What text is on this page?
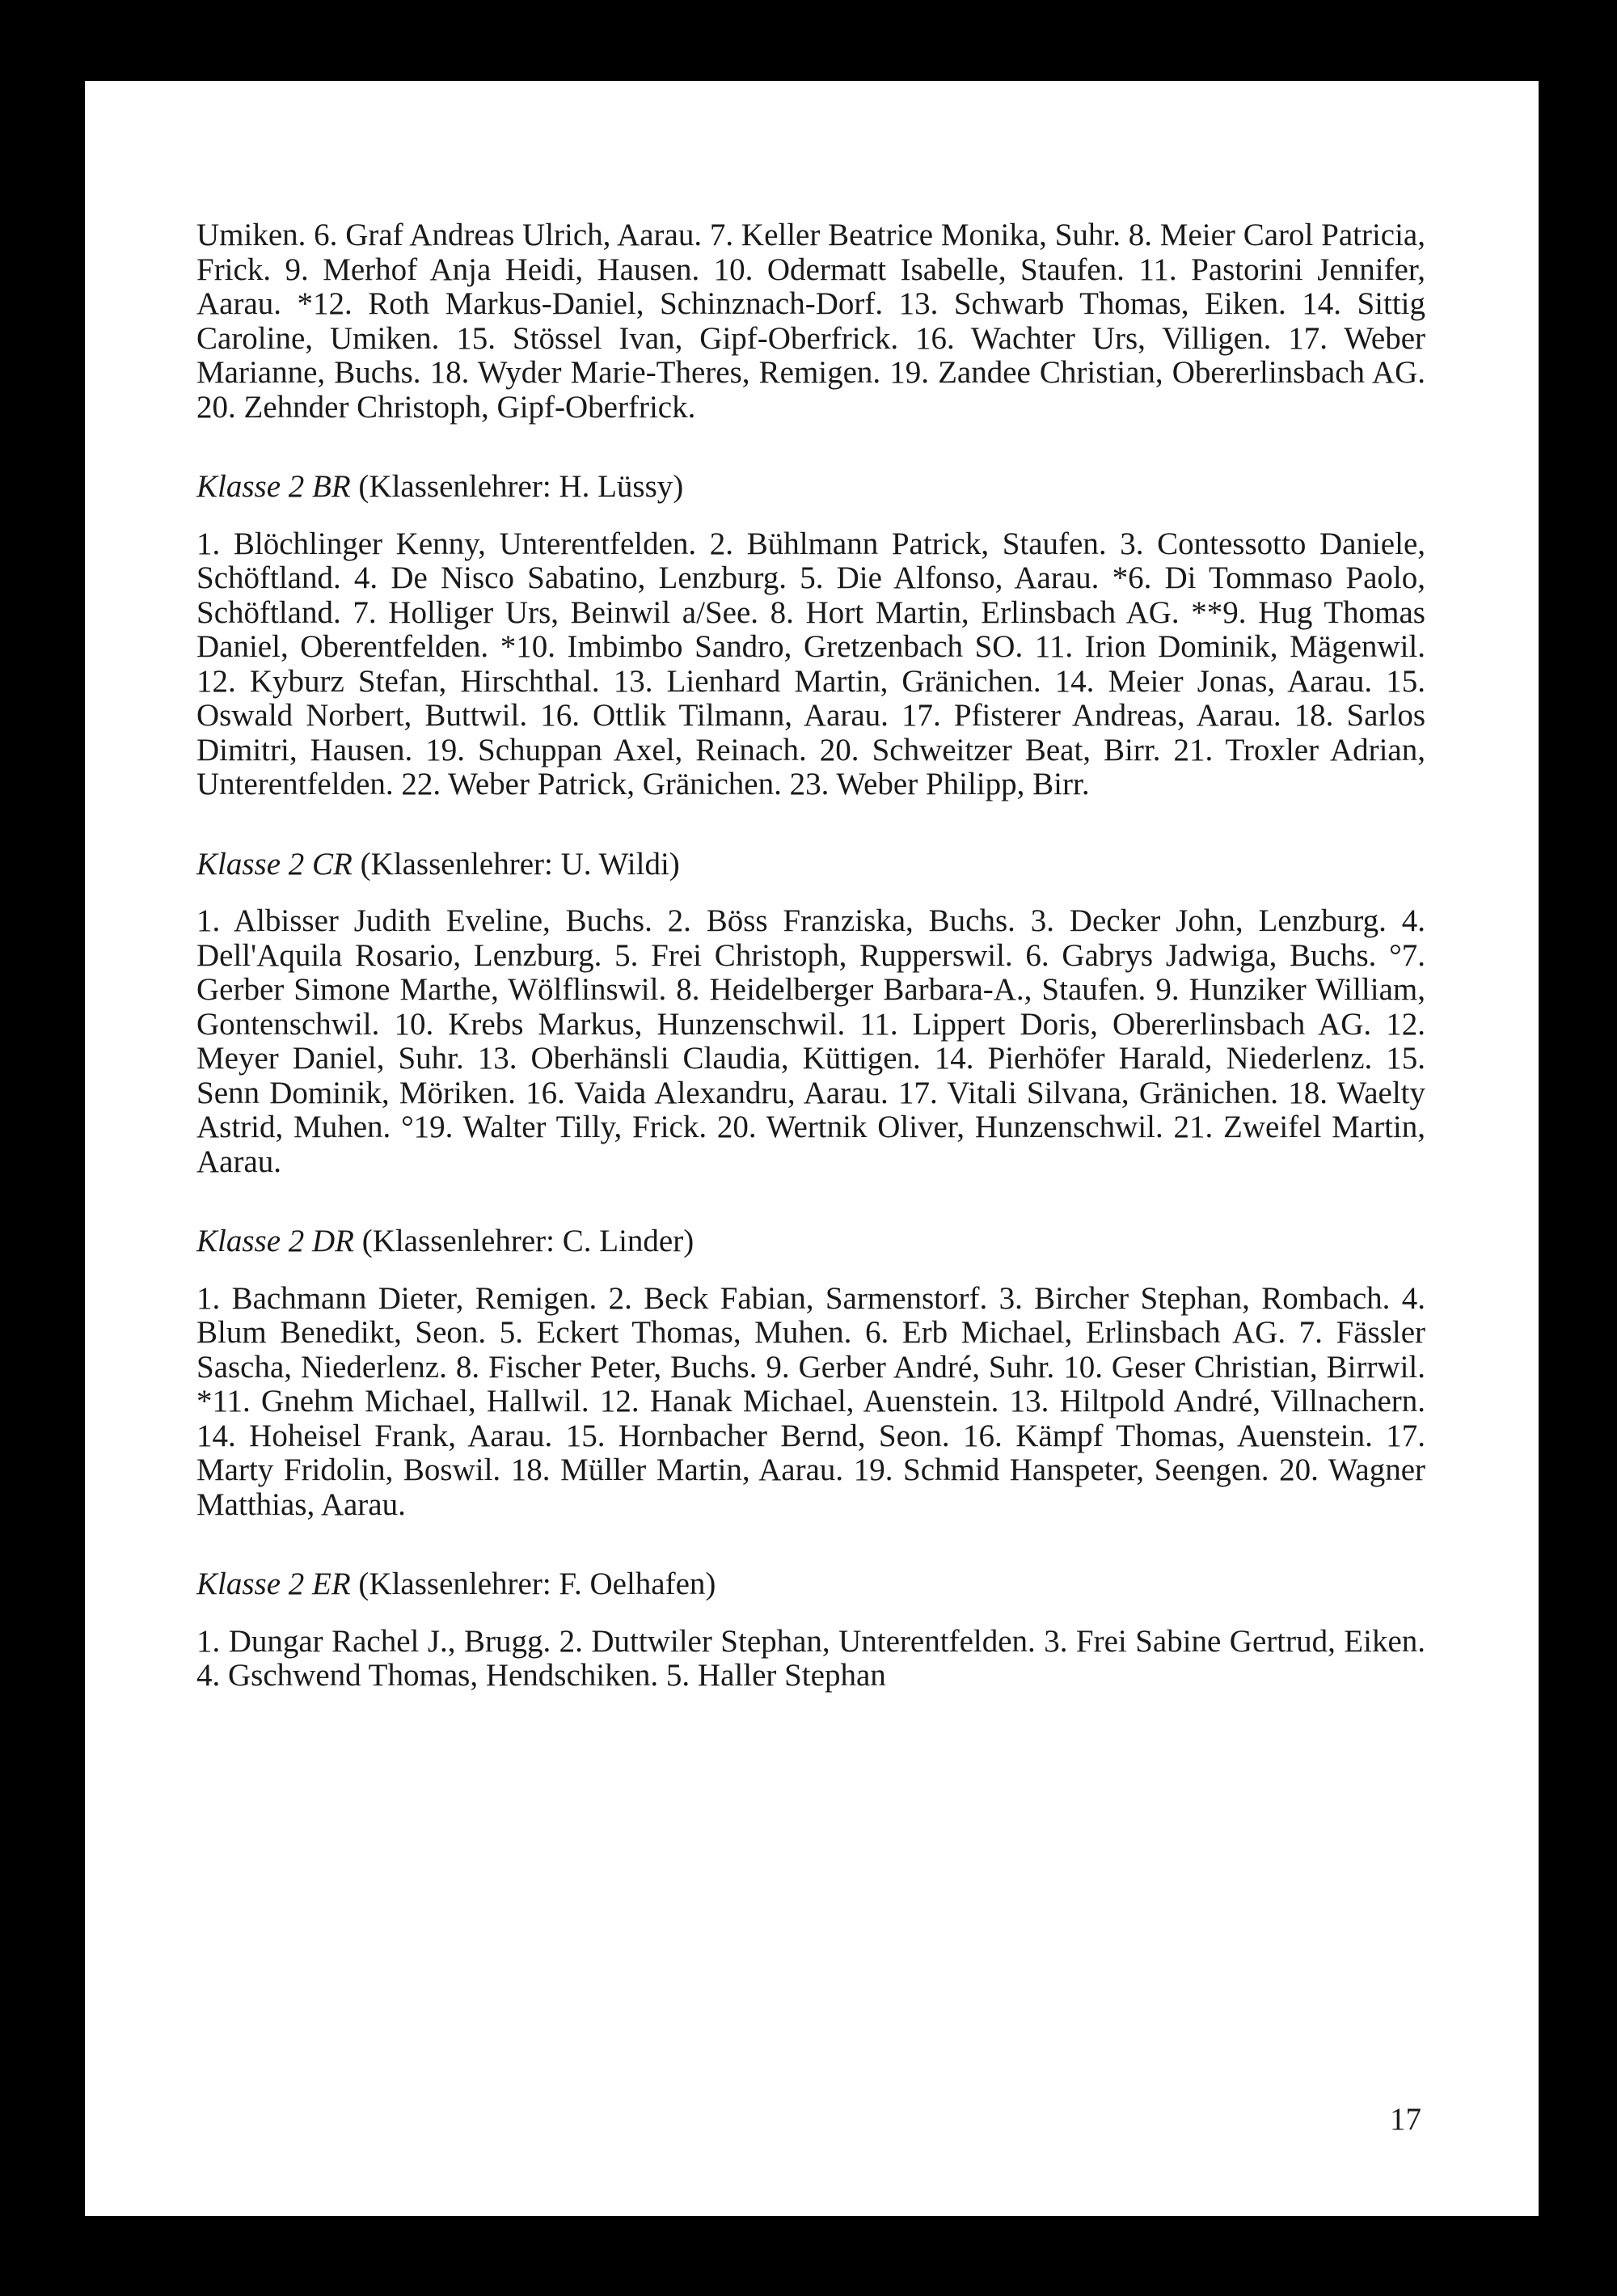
Umiken. 6. Graf Andreas Ulrich, Aarau. 7. Keller Beatrice Monika, Suhr. 8. Meier Carol Patricia, Frick. 9. Merhof Anja Heidi, Hausen. 10. Odermatt Isabelle, Staufen. 11. Pastorini Jennifer, Aarau. *12. Roth Markus-Daniel, Schinznach-Dorf. 13. Schwarb Thomas, Eiken. 14. Sittig Caroline, Umiken. 15. Stössel Ivan, Gipf-Oberfrick. 16. Wachter Urs, Villigen. 17. Weber Marianne, Buchs. 18. Wyder Marie-Theres, Remigen. 19. Zandee Christian, Obererlinsbach AG. 20. Zehnder Christoph, Gipf-Oberfrick.

Klasse 2 BR (Klassenlehrer: H. Lüssy)

1. Blöchlinger Kenny, Unterentfelden. 2. Bühlmann Patrick, Staufen. 3. Contessotto Daniele, Schöftland. 4. De Nisco Sabatino, Lenzburg. 5. Die Alfonso, Aarau. *6. Di Tommaso Paolo, Schöftland. 7. Holliger Urs, Beinwil a/See. 8. Hort Martin, Erlinsbach AG. **9. Hug Thomas Daniel, Oberentfelden. *10. Imbimbo Sandro, Gretzenbach SO. 11. Irion Dominik, Mägenwil. 12. Kyburz Stefan, Hirschthal. 13. Lienhard Martin, Gränichen. 14. Meier Jonas, Aarau. 15. Oswald Norbert, Buttwil. 16. Ottlik Tilmann, Aarau. 17. Pfisterer Andreas, Aarau. 18. Sarlos Dimitri, Hausen. 19. Schuppan Axel, Reinach. 20. Schweitzer Beat, Birr. 21. Troxler Adrian, Unterentfelden. 22. Weber Patrick, Gränichen. 23. Weber Philipp, Birr.

Klasse 2 CR (Klassenlehrer: U. Wildi)

1. Albisser Judith Eveline, Buchs. 2. Böss Franziska, Buchs. 3. Decker John, Lenzburg. 4. Dell'Aquila Rosario, Lenzburg. 5. Frei Christoph, Rupperswil. 6. Gabrys Jadwiga, Buchs. °7. Gerber Simone Marthe, Wölflinswil. 8. Heidelberger Barbara-A., Staufen. 9. Hunziker William, Gontenschwil. 10. Krebs Markus, Hunzenschwil. 11. Lippert Doris, Obererlinsbach AG. 12. Meyer Daniel, Suhr. 13. Oberhänsli Claudia, Küttigen. 14. Pierhöfer Harald, Niederlenz. 15. Senn Dominik, Möriken. 16. Vaida Alexandru, Aarau. 17. Vitali Silvana, Gränichen. 18. Waelty Astrid, Muhen. °19. Walter Tilly, Frick. 20. Wertnik Oliver, Hunzenschwil. 21. Zweifel Martin, Aarau.

Klasse 2 DR (Klassenlehrer: C. Linder)

1. Bachmann Dieter, Remigen. 2. Beck Fabian, Sarmenstorf. 3. Bircher Stephan, Rombach. 4. Blum Benedikt, Seon. 5. Eckert Thomas, Muhen. 6. Erb Michael, Erlinsbach AG. 7. Fässler Sascha, Niederlenz. 8. Fischer Peter, Buchs. 9. Gerber André, Suhr. 10. Geser Christian, Birrwil. *11. Gnehm Michael, Hallwil. 12. Hanak Michael, Auenstein. 13. Hiltpold André, Villnachern. 14. Hoheisel Frank, Aarau. 15. Hornbacher Bernd, Seon. 16. Kämpf Thomas, Auenstein. 17. Marty Fridolin, Boswil. 18. Müller Martin, Aarau. 19. Schmid Hanspeter, Seengen. 20. Wagner Matthias, Aarau.

Klasse 2 ER (Klassenlehrer: F. Oelhafen)

1. Dungar Rachel J., Brugg. 2. Duttwiler Stephan, Unterentfelden. 3. Frei Sabine Gertrud, Eiken. 4. Gschwend Thomas, Hendschiken. 5. Haller Stephan

17
